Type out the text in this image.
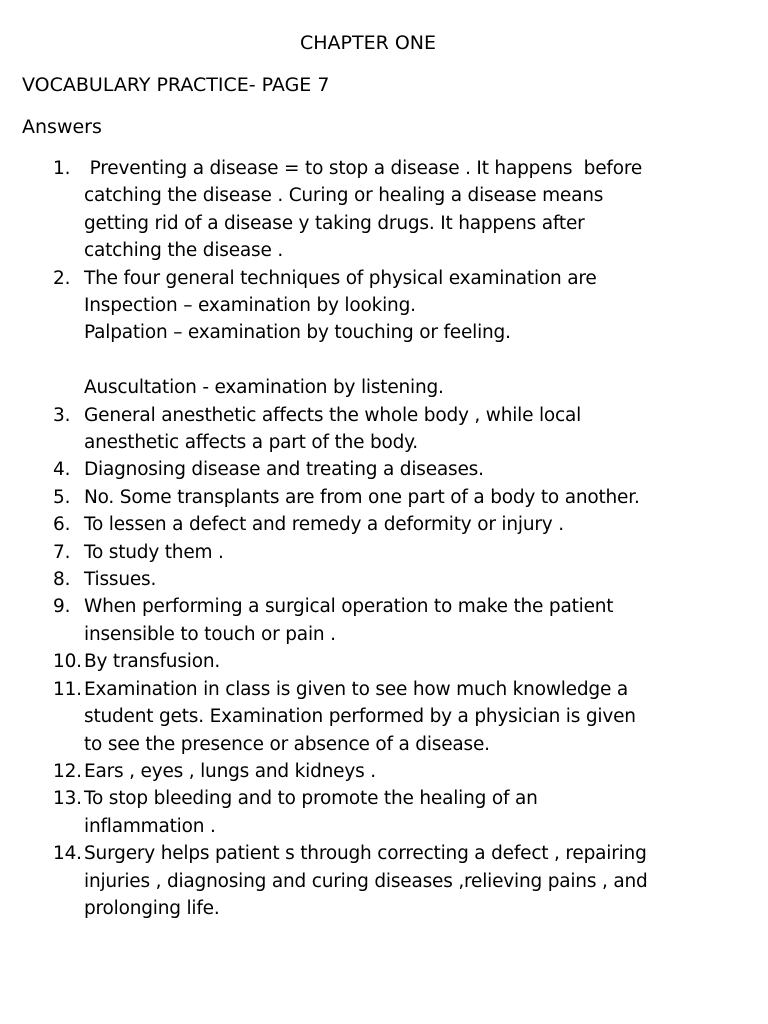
CHAPTER ONE
VOCABULARY PRACTICE- PAGE 7
Answers
1. Preventing a disease = to stop a disease . It happens  before
catching the disease . Curing or healing a disease means
getting rid of a disease y taking drugs. It happens after
catching the disease .
2. The four general techniques of physical examination are
Inspection – examination by looking.
Palpation – examination by touching or feeling.
Auscultation - examination by listening.
3. General anesthetic affects the whole body , while local
anesthetic affects a part of the body.
4. Diagnosing disease and treating a diseases.
5. No. Some transplants are from one part of a body to another.
6. To lessen a defect and remedy a deformity or injury .
7. To study them .
8. Tissues.
9. When performing a surgical operation to make the patient
insensible to touch or pain .
10. By transfusion.
11. Examination in class is given to see how much knowledge a
student gets. Examination performed by a physician is given
to see the presence or absence of a disease.
12. Ears , eyes , lungs and kidneys .
13. To stop bleeding and to promote the healing of an
inflammation .
14. Surgery helps patient s through correcting a defect , repairing
injuries , diagnosing and curing diseases ,relieving pains , and
prolonging life.
